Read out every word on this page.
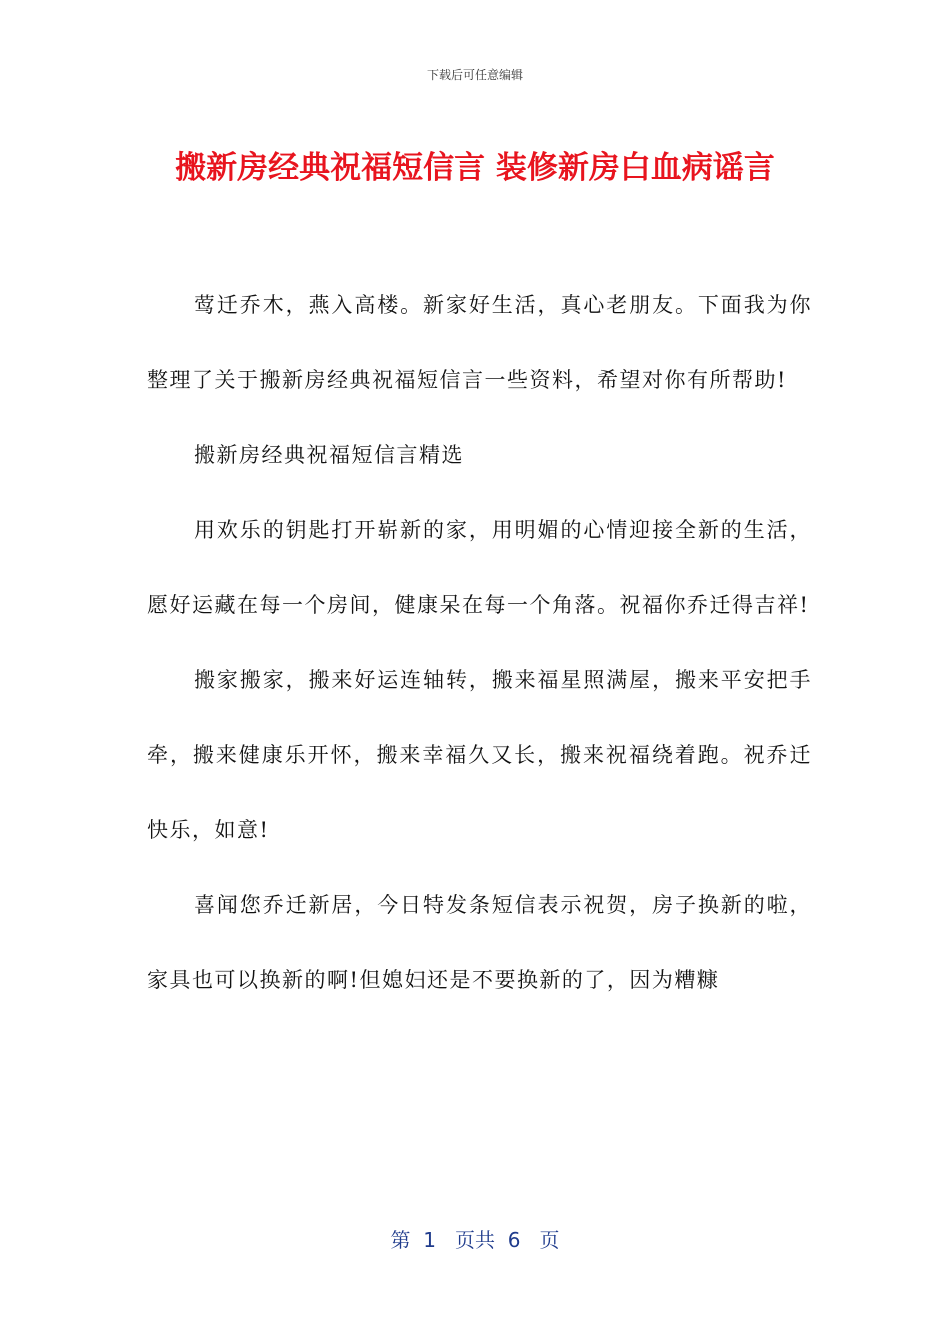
下载后可任意编辑
搬新房经典祝福短信言 装修新房白血病谣言

莺迁乔木，燕入高楼。新家好生活，真心老朋友。下面我为你整理了关于搬新房经典祝福短信言一些资料，希望对你有所帮助!

搬新房经典祝福短信言精选

用欢乐的钥匙打开崭新的家，用明媚的心情迎接全新的生活，愿好运藏在每一个房间，健康呆在每一个角落。祝福你乔迁得吉祥!

搬家搬家，搬来好运连轴转，搬来福星照满屋，搬来平安把手牵，搬来健康乐开怀，搬来幸福久又长，搬来祝福绕着跑。祝乔迁快乐，如意!

喜闻您乔迁新居，今日特发条短信表示祝贺，房子换新的啦，家具也可以换新的啊!但媳妇还是不要换新的了，因为糟糠

第  1   页共  6   页
